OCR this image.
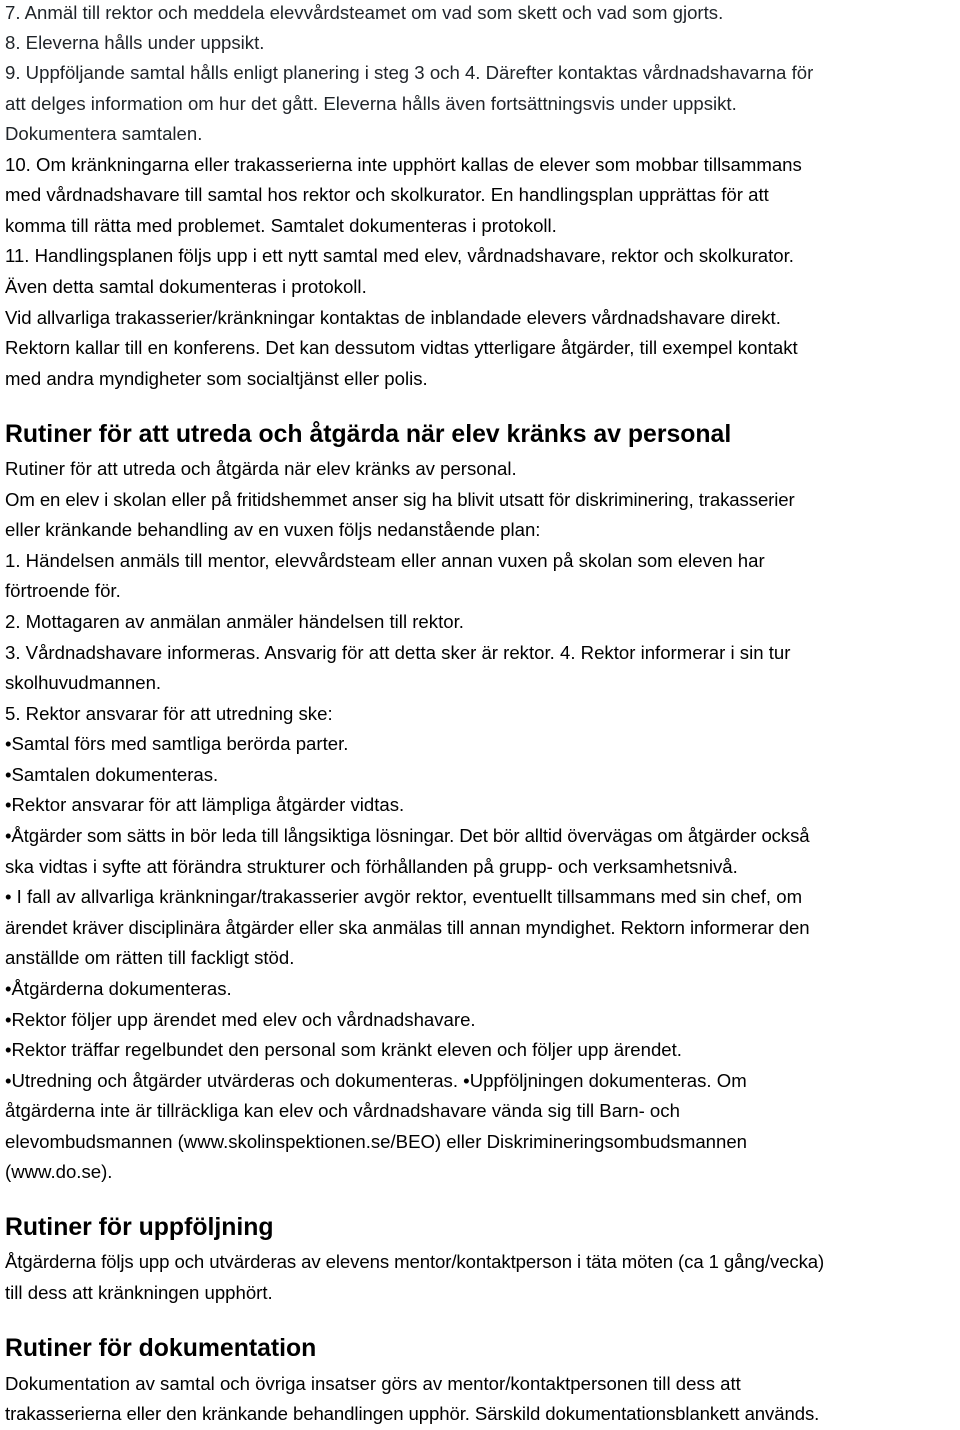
7. Anmäl till rektor och meddela elevvårdsteamet om vad som skett och vad som gjorts.
8. Eleverna hålls under uppsikt.
9. Uppföljande samtal hålls enligt planering i steg 3 och 4. Därefter kontaktas vårdnadshavarna för
att delges information om hur det gått. Eleverna hålls även fortsättningsvis under uppsikt.
Dokumentera samtalen.
10. Om kränkningarna eller trakasserierna inte upphört kallas de elever som mobbar tillsammans
med vårdnadshavare till samtal hos rektor och skolkurator. En handlingsplan upprättas för att
komma till rätta med problemet. Samtalet dokumenteras i protokoll.
11. Handlingsplanen följs upp i ett nytt samtal med elev, vårdnadshavare, rektor och skolkurator.
Även detta samtal dokumenteras i protokoll.
Vid allvarliga trakasserier/kränkningar kontaktas de inblandade elevers vårdnadshavare direkt.
Rektorn kallar till en konferens. Det kan dessutom vidtas ytterligare åtgärder, till exempel kontakt
med andra myndigheter som socialtjänst eller polis.
Rutiner för att utreda och åtgärda när elev kränks av personal
Rutiner för att utreda och åtgärda när elev kränks av personal.
Om en elev i skolan eller på fritidshemmet anser sig ha blivit utsatt för diskriminering, trakasserier
eller kränkande behandling av en vuxen följs nedanstående plan:
1. Händelsen anmäls till mentor, elevvårdsteam eller annan vuxen på skolan som eleven har
förtroende för.
2. Mottagaren av anmälan anmäler händelsen till rektor.
3. Vårdnadshavare informeras. Ansvarig för att detta sker är rektor. 4. Rektor informerar i sin tur
skolhuvudmannen.
5. Rektor ansvarar för att utredning ske:
•Samtal förs med samtliga berörda parter.
•Samtalen dokumenteras.
•Rektor ansvarar för att lämpliga åtgärder vidtas.
•Åtgärder som sätts in bör leda till långsiktiga lösningar. Det bör alltid övervägas om åtgärder också
ska vidtas i syfte att förändra strukturer och förhållanden på grupp- och verksamhetsnivå.
• I fall av allvarliga kränkningar/trakasserier avgör rektor, eventuellt tillsammans med sin chef, om
ärendet kräver disciplinära åtgärder eller ska anmälas till annan myndighet. Rektorn informerar den
anställde om rätten till fackligt stöd.
•Åtgärderna dokumenteras.
•Rektor följer upp ärendet med elev och vårdnadshavare.
•Rektor träffar regelbundet den personal som kränkt eleven och följer upp ärendet.
•Utredning och åtgärder utvärderas och dokumenteras. •Uppföljningen dokumenteras. Om
åtgärderna inte är tillräckliga kan elev och vårdnadshavare vända sig till Barn- och
elevombudsmannen (www.skolinspektionen.se/BEO) eller Diskrimineringsombudsmannen
(www.do.se).
Rutiner för uppföljning
Åtgärderna följs upp och utvärderas av elevens mentor/kontaktperson i täta möten (ca 1 gång/vecka)
till dess att kränkningen upphört.
Rutiner för dokumentation
Dokumentation av samtal och övriga insatser görs av mentor/kontaktpersonen till dess att
trakasserierna eller den kränkande behandlingen upphör. Särskild dokumentationsblankett används.
